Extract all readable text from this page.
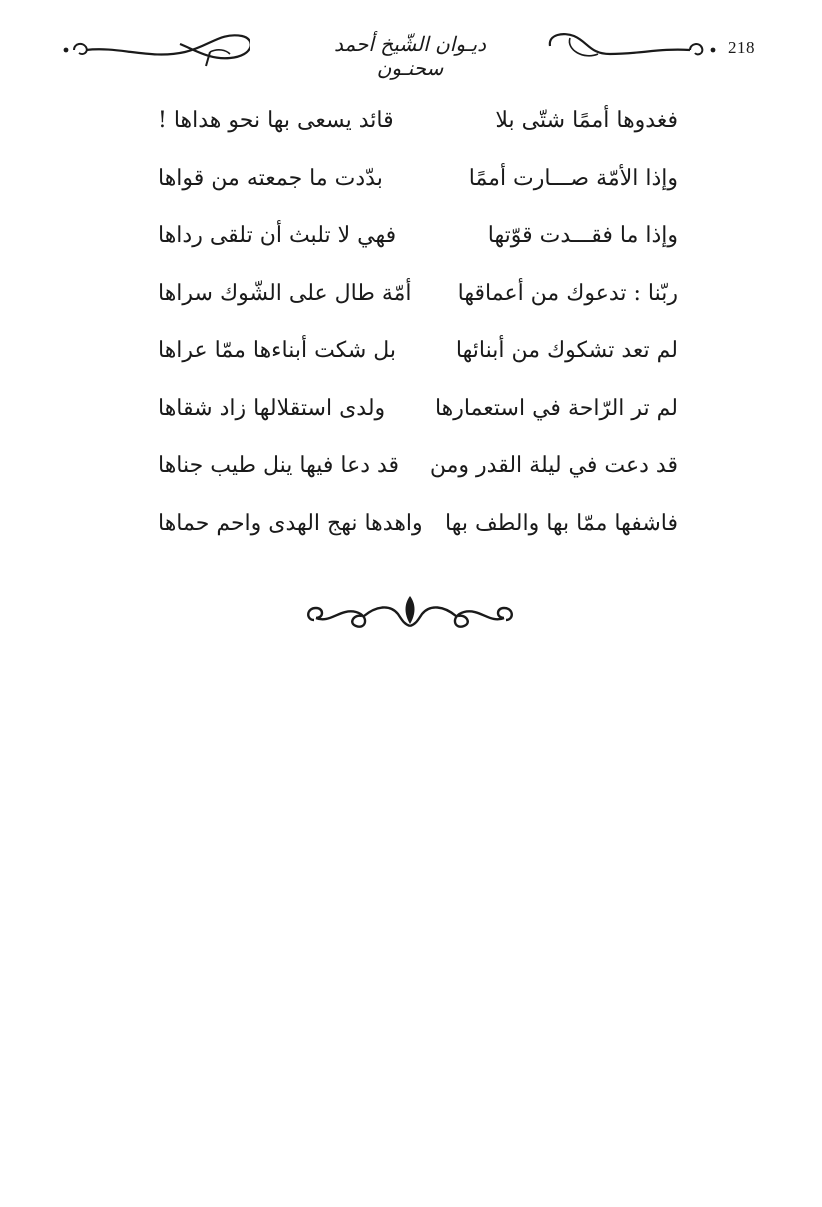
ديـوان الشّيخ أحمد سحنـون
218
فغدوها أممًا شتّى بلا
قائد يسعى بها نحو هداها !
وإذا الأمّة صـــارت أممًا
بدّدت ما جمعته من قواها
وإذا ما فقـــدت قوّتها
فهي لا تلبث أن تلقى رداها
ربّنا : تدعوك من أعماقها
أمّة طال على الشّوك سراها
لم تعد تشكوك من أبنائها
بل شكت أبناءها ممّا عراها
لم تر الرّاحة في استعمارها
ولدى استقلالها زاد شقاها
قد دعت في ليلة القدر ومن
قد دعا فيها ينل طيب جناها
فاشفها ممّا بها والطف بها
واهدها نهج الهدى واحم حماها
